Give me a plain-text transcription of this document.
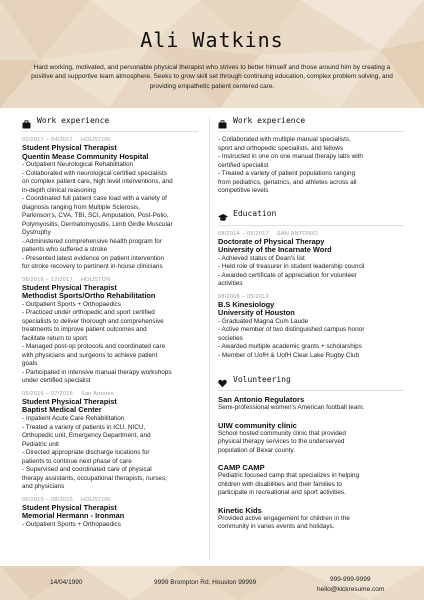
Ali Watkins
Hard working, motivated, and personable physical therapist who strives to better himself and those around him by creating a positive and supportive team atmosphere. Seeks to grow skill set through continuing education, complex problem solving, and providing empathetic patient centered care.
Work experience
01/2017 – 04/2017 HOUSTON
Student Physical Therapist
Quentin Mease Community Hospital
- Outpatient Neurological Rehabilitation
- Collaborated with neurological certified specialists
on complex patient care, high level interventions, and
in-depth clinical reasoning
- Coordinated full patient case load with a variety of
diagnosis ranging from Multiple Sclerosis,
Parkinson's, CVA, TBI, SCI, Amputation, Post-Polio,
Polymyositis, Dermatomyositis, Limb Girdle Muscular
Dystrophy
- Administered comprehensive health program for
patients who suffered a stroke
- Presented latest evidence on patient intervention
for stroke recovery to pertinent in-house clinicians
08/2016 – 12/2017 HOUSTON
Student Physical Therapist
Methodist Sports/Ortho Rehabilitation
- Outpatient Sports + Orthopaedics
- Practiced under orthopedic and sport certified
specialists to deliver thorough and comprehensive
treatments to improve patient outcomes and
facilitate return to sport
- Managed post-op protocols and coordinated care
with physicians and surgeons to achieve patient
goals
- Participated in intensive manual therapy workshops
under certified specialist
05/2016 – 07/2016 San Antonio
Student Physical Therapist
Baptist Medical Center
- Inpatient Acute Care Rehabilitation
- Treated a variety of patients in ICU, NICU,
Orthopedic unit, Emergency Department, and
Pediatric unit
- Directed appropriate discharge locations for
patients to continue next phase of care
- Supervised and coordinated care of physical
therapy assistants, occupational therapists, nurses,
and physicians
06/2015 – 08/2015 HOUSTON
Student Physical Therapist
Memorial Hermann - Ironman
- Outpatient Sports + Orthopaedics
Work experience
- Collaborated with multiple manual specialists,
sport and orthopedic specialists, and fellows
- Instructed in one on one manual therapy labs with
certified specialist
- Treated a variety of patient populations ranging
from pediatrics, geriatrics, and athletes across all
competitive levels
Education
08/2014 – 05/2017 SAN ANTONIO
Doctorate of Physical Therapy
University of the Incarnate Word
- Achieved status of Dean's list
- Held role of treasurer in student leadership council
- Awarded certificate of appreciation for volunteer
activities
08/2008 – 05/2012
B.S Kinesiology
University of Houston
- Graduated Magna Cum Laude
- Active member of two distinguished campus honor
societies
- Awarded multiple academic grants + scholarships
- Member of UofH & UofH Clear Lake Rugby Club
Volunteering
San Antonio Regulators
Semi-professional women's American football team.
UIW community clinic
School hosted community clinic that provided
physical therapy services to the underserved
population of Bexar county.
CAMP CAMP
Pediatric focused camp that specializes in helping
children with disabilities and their families to
participate in recreational and sport activities.
Kinetic Kids
Provided active engagement for children in the
community in varies events and holidays.
14/04/1990	9999 Brompton Rd, Houston 99999	999-999-9999
hello@kickresume.com
